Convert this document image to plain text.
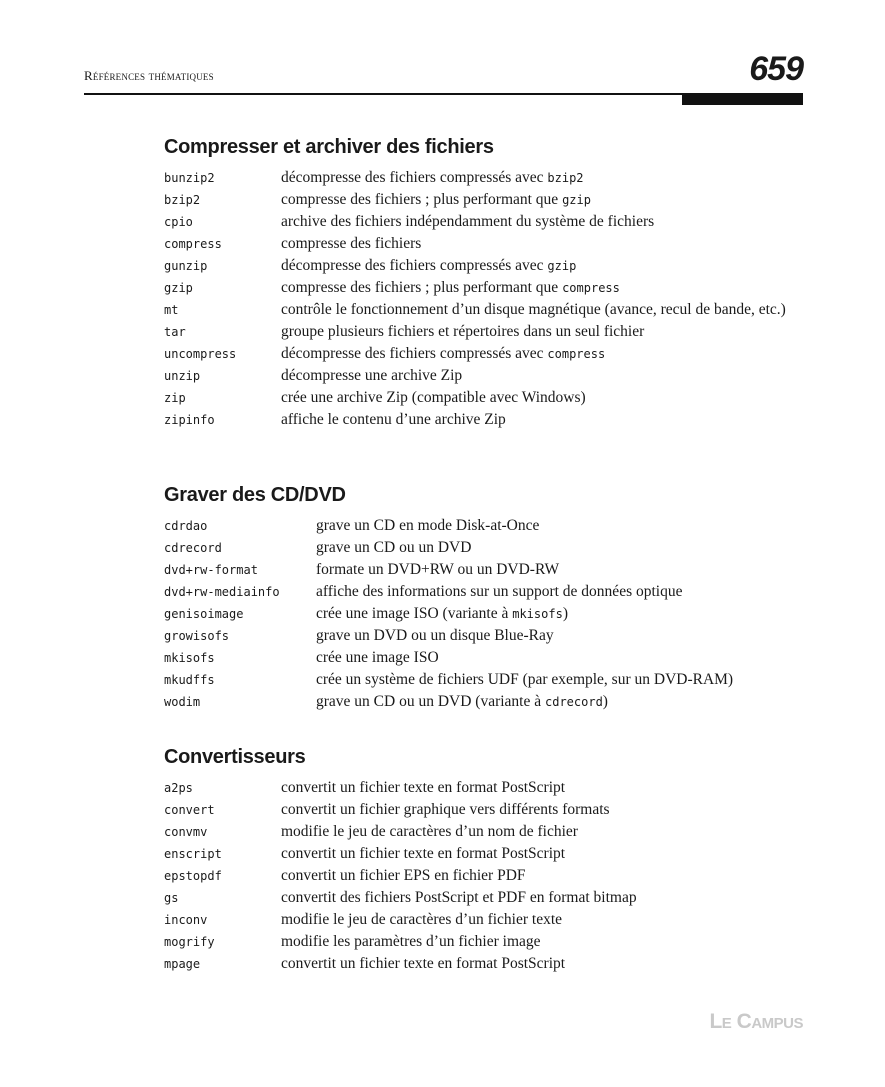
Références thématiques	659
Compresser et archiver des fichiers
bunzip2	décompresse des fichiers compressés avec bzip2
bzip2	compresse des fichiers ; plus performant que gzip
cpio	archive des fichiers indépendamment du système de fichiers
compress	compresse des fichiers
gunzip	décompresse des fichiers compressés avec gzip
gzip	compresse des fichiers ; plus performant que compress
mt	contrôle le fonctionnement d’un disque magnétique (avance, recul de bande, etc.)
tar	groupe plusieurs fichiers et répertoires dans un seul fichier
uncompress	décompresse des fichiers compressés avec compress
unzip	décompresse une archive Zip
zip	crée une archive Zip (compatible avec Windows)
zipinfo	affiche le contenu d’une archive Zip
Graver des CD/DVD
cdrdao	grave un CD en mode Disk-at-Once
cdrecord	grave un CD ou un DVD
dvd+rw-format	formate un DVD+RW ou un DVD-RW
dvd+rw-mediainfo	affiche des informations sur un support de données optique
genisoimage	crée une image ISO (variante à mkisofs)
growisofs	grave un DVD ou un disque Blue-Ray
mkisofs	crée une image ISO
mkudffs	crée un système de fichiers UDF (par exemple, sur un DVD-RAM)
wodim	grave un CD ou un DVD (variante à cdrecord)
Convertisseurs
a2ps	convertit un fichier texte en format PostScript
convert	convertit un fichier graphique vers différents formats
convmv	modifie le jeu de caractères d’un nom de fichier
enscript	convertit un fichier texte en format PostScript
epstopdf	convertit un fichier EPS en fichier PDF
gs	convertit des fichiers PostScript et PDF en format bitmap
inconv	modifie le jeu de caractères d’un fichier texte
mogrify	modifie les paramètres d’un fichier image
mpage	convertit un fichier texte en format PostScript
Le Campus
